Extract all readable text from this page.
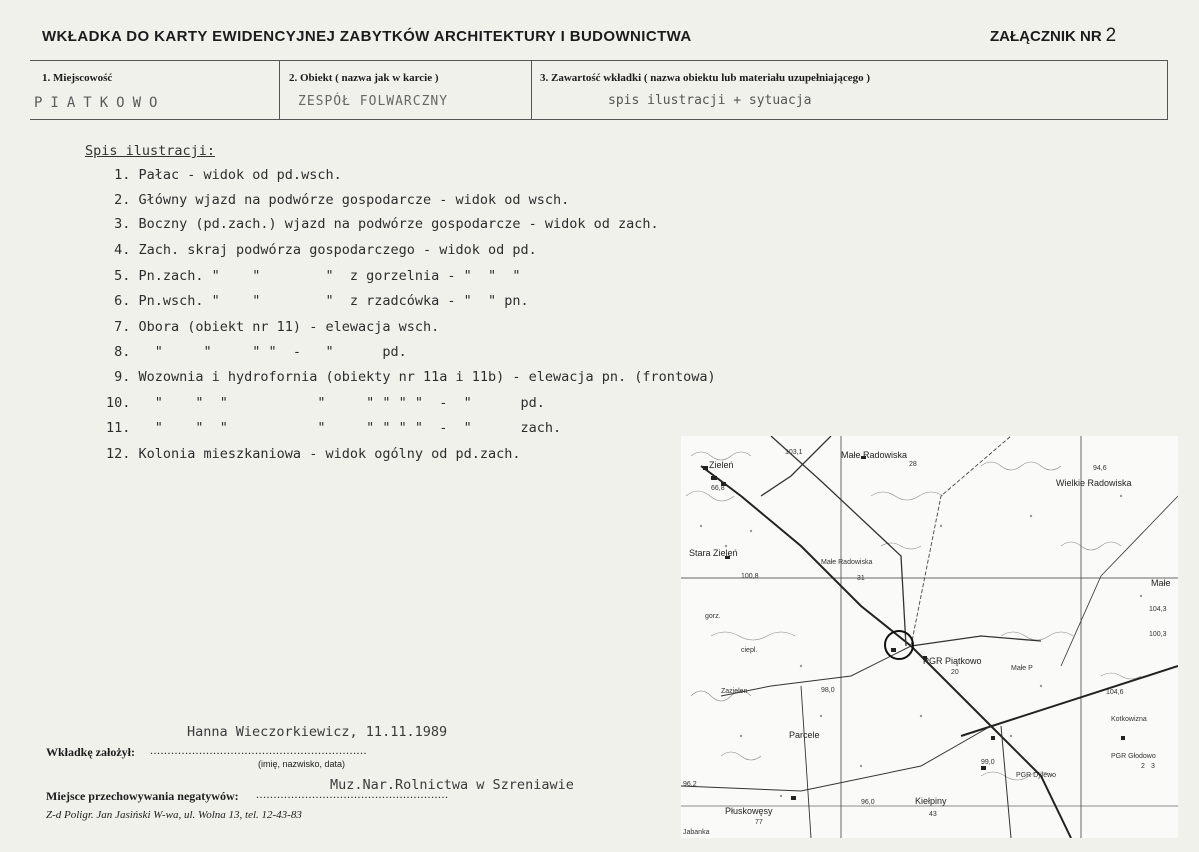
WKŁADKA DO KARTY EWIDENCYJNEJ ZABYTKÓW ARCHITEKTURY I BUDOWNICTWA	ZAŁĄCZNIK NR 2
1. Miejscowość
PIATKOWO
2. Obiekt ( nazwa jak w karcie )
ZESPÓŁ FOLWARCZNY
3. Zawartość wkładki ( nazwa obiektu lub materiału uzupełniającego )
spis ilustracji + sytuacja
Spis ilustracji:
1. Pałac - widok od pd.wsch.
2. Główny wjazd na podwórze gospodarcze - widok od wsch.
3. Boczny (pd.zach.) wjazd na podwórze gospodarcze - widok od zach.
4. Zach. skraj podwórza gospodarczego - widok od pd.
5. Pn.zach. "    "        "  z gorzelnia - "  "  "
6. Pn.wsch. "    "        "  z rzadcówka - "  " pn.
7. Obora (obiekt nr 11) - elewacja wsch.
8.   "     "     " "  -   "      pd.
9. Wozownia i hydrofornia (obiekty nr 11a i 11b) - elewacja pn. (frontowa)
10.   "    "  "           "     " " " "  -  "      pd.
11.   "    "  "           "     " " " "  -  "      zach.
12. Kolonia mieszkaniowa - widok ogólny od pd.zach.
Hanna Wieczorkiewicz, 11.11.1989
Wkładkę założył: ..............................................................
(imię, nazwisko, data)
Muz.Nar.Rolnictwa w Szreniawie
Miejsce przechowywania negatywów: .......................................................
Z-d Poligr. Jan Jasiński W-wa, ul. Wolna 13, tel. 12-43-83
Zieleń
Małe Radowiska
Wielkie Radowiska
Stara Zieleń
Małe Radowiska
Małe
PGR Piątkowo
Małe P
ciepl.
Zazielen
Parcele
Kotkowizna
PGR Głodowo
PGR Dylewo
Płuskowęsy
Kiełpiny
gorz.
Jabanka
103,1
100,8
104,3
100,3
98,0
96,2
104,6
99,0
96,0
20
77
43
2 3
28
94,6
31
66,8
